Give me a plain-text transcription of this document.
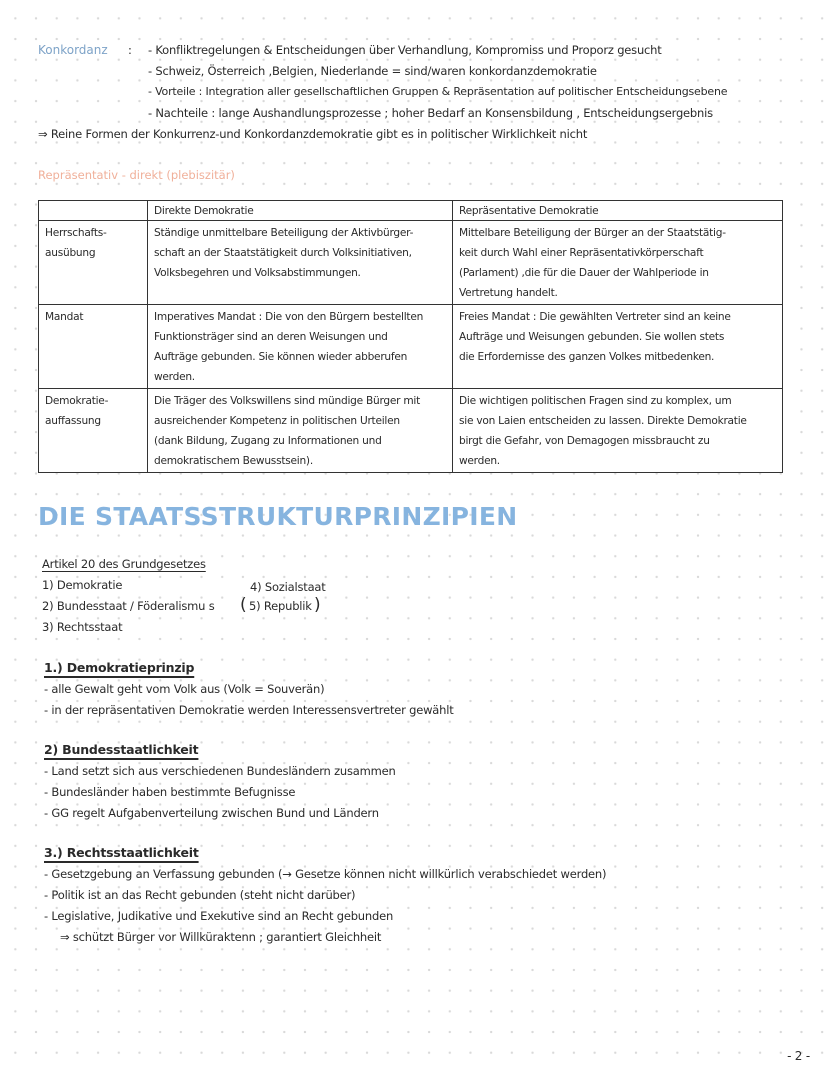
Konkordanz : - Konfliktregelungen & Entscheidungen über Verhandlung, Kompromiss und Proporz gesucht
- Schweiz, Österreich ,Belgien, Niederlande = sind/waren konkordanzdemokratie
- Vorteile : Integration aller gesellschaftlichen Gruppen & Repräsentation auf politischer Entscheidungsebene
- Nachteile : lange Aushandlungsprozesse ; hoher Bedarf an Konsensbildung , Entscheidungsergebnis
⇒ Reine Formen der Konkurrenz-und Konkordanzdemokratie gibt es in politischer Wirklichkeit nicht
Repräsentativ - direkt (plebiszitär)
	Direkte Demokratie	Repräsentative Demokratie
Herrschafts-
ausübung	Ständige unmittelbare Beteiligung der Aktivbürger-
schaft an der Staatstätigkeit durch Volksinitiativen,
Volksbegehren und Volksabstimmungen.	Mittelbare Beteiligung der Bürger an der Staatstätig-
keit durch Wahl einer Repräsentativkörperschaft
(Parlament) ,die für die Dauer der Wahlperiode in
Vertretung handelt.
Mandat	Imperatives Mandat : Die von den Bürgern bestellten
Funktionsträger sind an deren Weisungen und
Aufträge gebunden. Sie können wieder abberufen
werden.	Freies Mandat : Die gewählten Vertreter sind an keine
Aufträge und Weisungen gebunden. Sie wollen stets
die Erfordernisse des ganzen Volkes mitbedenken.
Demokratie-
auffassung	Die Träger des Volkswillens sind mündige Bürger mit
ausreichender Kompetenz in politischen Urteilen
(dank Bildung, Zugang zu Informationen und
demokratischem Bewusstsein).	Die wichtigen politischen Fragen sind zu komplex, um
sie von Laien entscheiden zu lassen. Direkte Demokratie
birgt die Gefahr, von Demagogen missbraucht zu
werden.
DIE STAATSSTRUKTURPRINZIPIEN
Artikel 20 des Grundgesetzes
1) Demokratie
2) Bundesstaat / Föderalismu s
3) Rechtsstaat
4) Sozialstaat
( 5) Republik )
1.) Demokratieprinzip
- alle Gewalt geht vom Volk aus (Volk = Souverän)
- in der repräsentativen Demokratie werden Interessensvertreter gewählt
2) Bundesstaatlichkeit
- Land setzt sich aus verschiedenen Bundesländern zusammen
- Bundesländer haben bestimmte Befugnisse
- GG regelt Aufgabenverteilung zwischen Bund und Ländern
3.) Rechtsstaatlichkeit
- Gesetzgebung an Verfassung gebunden (→ Gesetze können nicht willkürlich verabschiedet werden)
- Politik ist an das Recht gebunden (steht nicht darüber)
- Legislative, Judikative und Exekutive sind an Recht gebunden
⇒ schützt Bürger vor Willküraktenn ; garantiert Gleichheit
- 2 -
